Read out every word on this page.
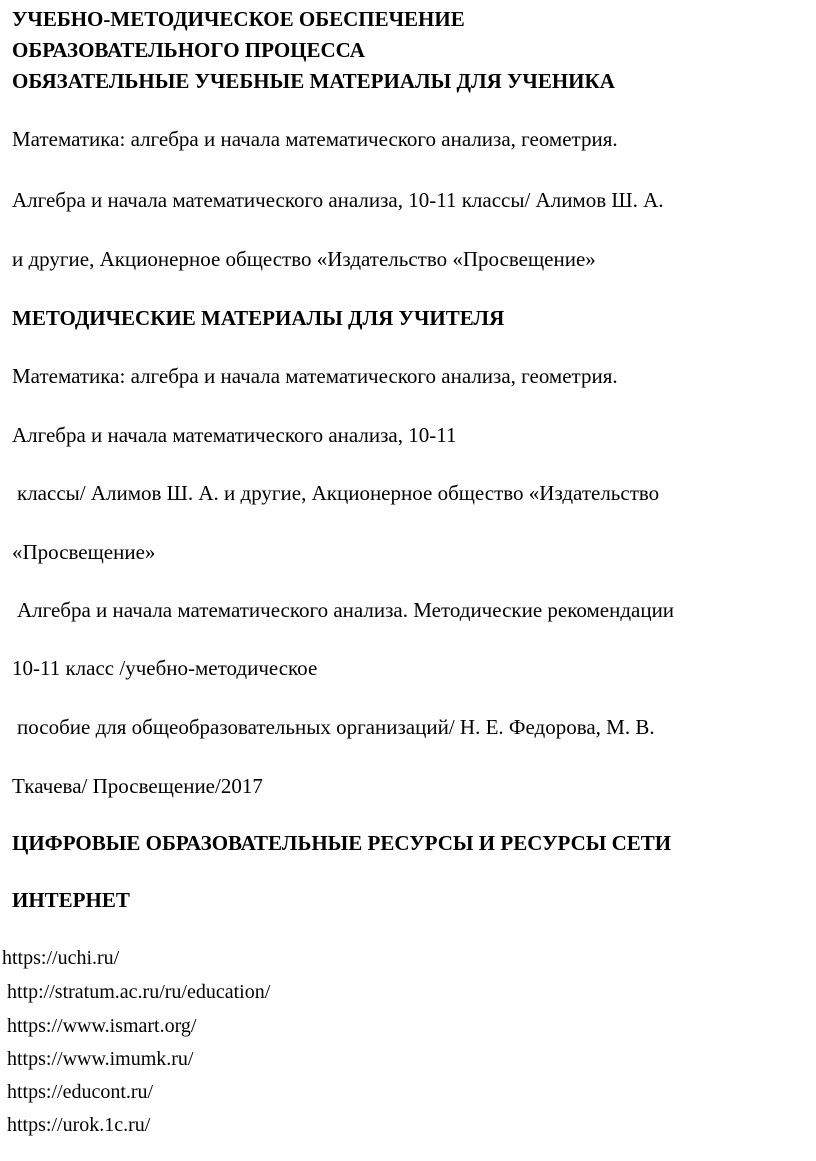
УЧЕБНО-МЕТОДИЧЕСКОЕ ОБЕСПЕЧЕНИЕ
ОБРАЗОВАТЕЛЬНОГО ПРОЦЕССА
ОБЯЗАТЕЛЬНЫЕ УЧЕБНЫЕ МАТЕРИАЛЫ ДЛЯ УЧЕНИКА
Математика: алгебра и начала математического анализа, геометрия.
Алгебра и начала математического анализа, 10-11 классы/ Алимов Ш. А.
и другие, Акционерное общество «Издательство «Просвещение»
МЕТОДИЧЕСКИЕ МАТЕРИАЛЫ ДЛЯ УЧИТЕЛЯ
Математика: алгебра и начала математического анализа, геометрия.
Алгебра и начала математического анализа, 10-11
классы/ Алимов Ш. А. и другие, Акционерное общество «Издательство
«Просвещение»
Алгебра и начала математического анализа. Методические рекомендации
10-11 класс /учебно-методическое
пособие для общеобразовательных организаций/ Н. Е. Федорова, М. В.
Ткачева/ Просвещение/2017
ЦИФРОВЫЕ ОБРАЗОВАТЕЛЬНЫЕ РЕСУРСЫ И РЕСУРСЫ СЕТИ
ИНТЕРНЕТ
https://uchi.ru/
http://stratum.ac.ru/ru/education/
https://www.ismart.org/
https://www.imumk.ru/
https://educont.ru/
https://urok.1c.ru/
